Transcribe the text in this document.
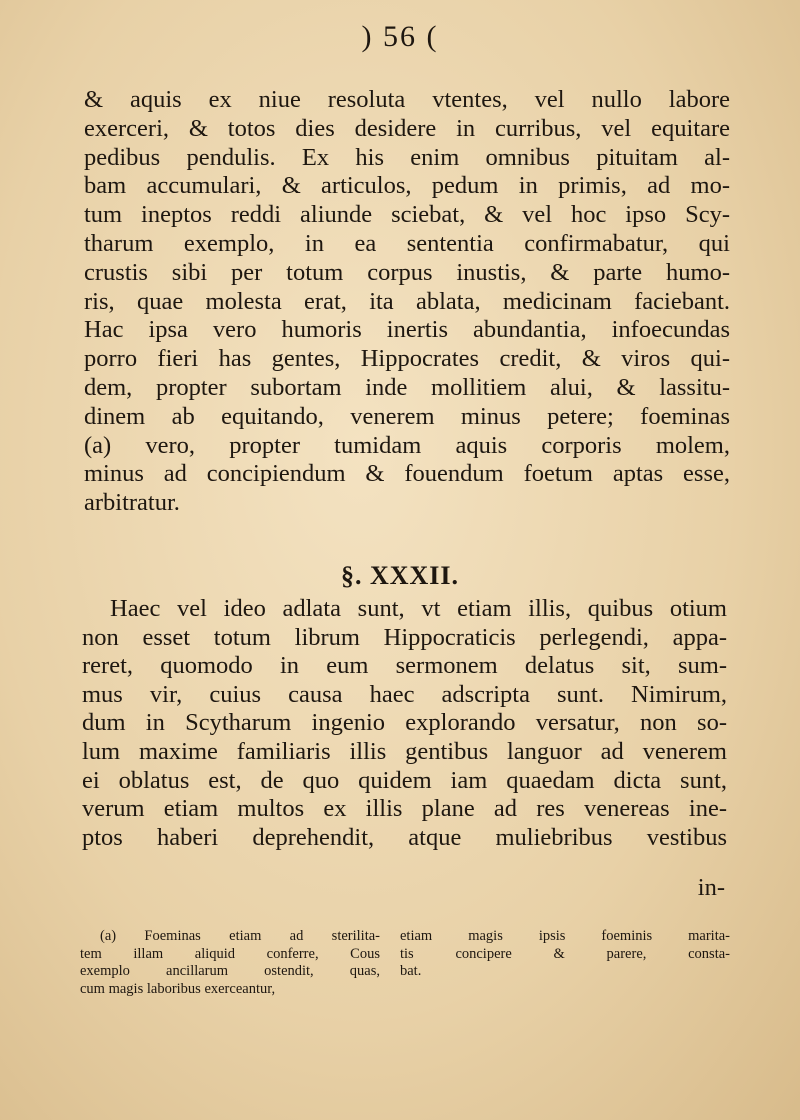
) 56 (
& aquis ex niue resoluta vtentes, vel nullo labore
exerceri, & totos dies desidere in curribus, vel equitare
pedibus pendulis. Ex his enim omnibus pituitam al-
bam accumulari, & articulos, pedum in primis, ad mo-
tum ineptos reddi aliunde sciebat, & vel hoc ipso Scy-
tharum exemplo, in ea sententia confirmabatur, qui
crustis sibi per totum corpus inustis, & parte humo-
ris, quae molesta erat, ita ablata, medicinam faciebant.
Hac ipsa vero humoris inertis abundantia, infoecundas
porro fieri has gentes, Hippocrates credit, & viros qui-
dem, propter subortam inde mollitiem alui, & lassitu-
dinem ab equitando, venerem minus petere; foeminas
(a) vero, propter tumidam aquis corporis molem,
minus ad concipiendum & fouendum foetum aptas esse,
arbitratur.
§. XXXII.
Haec vel ideo adlata sunt, vt etiam illis, quibus otium
non esset totum librum Hippocraticis perlegendi, appa-
reret, quomodo in eum sermonem delatus sit, sum-
mus vir, cuius causa haec adscripta sunt. Nimirum,
dum in Scytharum ingenio explorando versatur, non so-
lum maxime familiaris illis gentibus languor ad venerem
ei oblatus est, de quo quidem iam quaedam dicta sunt,
verum etiam multos ex illis plane ad res venereas ine-
ptos haberi deprehendit, atque muliebribus vestibus
in-
(a) Foeminas etiam ad sterilita-
tem illam aliquid conferre, Cous
exemplo ancillarum ostendit, quas,
cum magis laboribus exerceantur,
etiam magis ipsis foeminis marita-
tis concipere & parere, consta-
bat.
